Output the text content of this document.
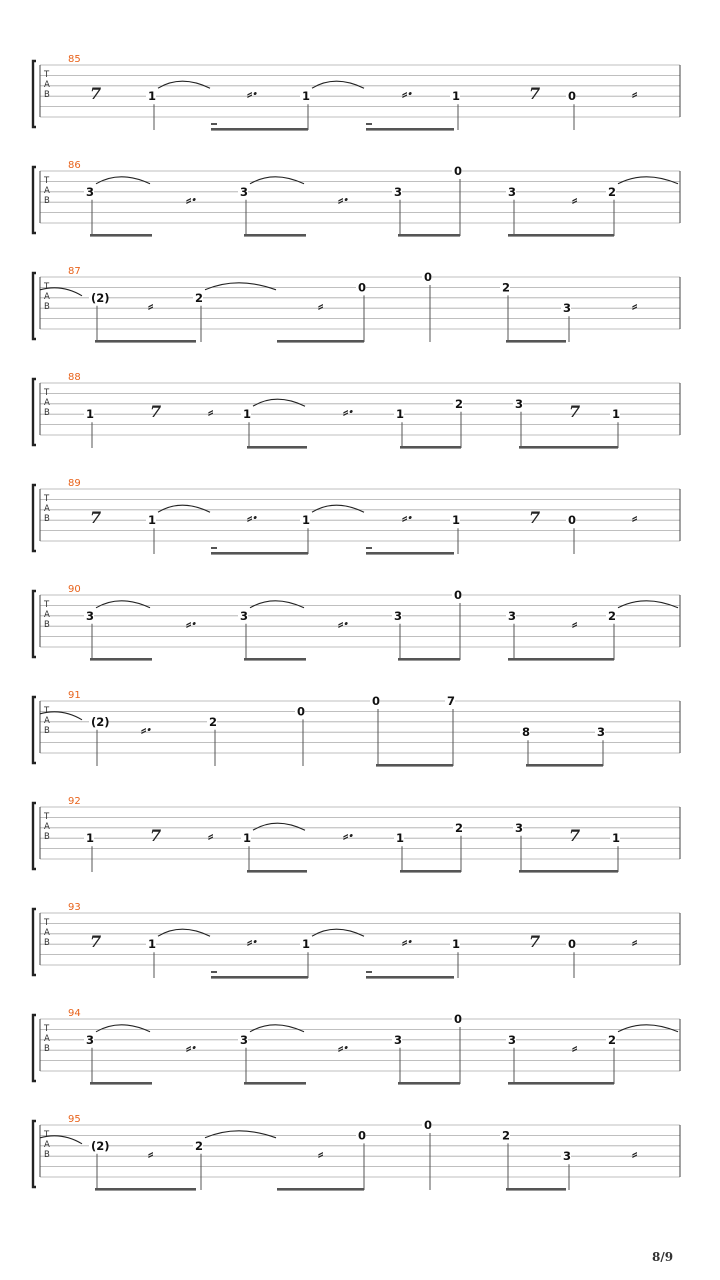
T
A
B
85
1	1	1	0
7	⸗·	⸗·	7	⸗
T
A
B
86
3	3	3
0
3	2
⸗·	⸗·	⸗
T
A
B
87
(2)	2
0
0
2
3
⸗	⸗	⸗
T
A
B
88
1	1	1
2	3
1
7	⸗	⸗·	7
T
A
B
89
1	1	1	0
7	⸗·	⸗·	7	⸗
T
A
B
90
3	3	3
0
3	2
⸗·	⸗·	⸗
T
A
B
91
(2)	2
0
0	7
8	3
⸗·
T
A
B
92
1	1	1
2	3
1
7	⸗	⸗·	7
T
A
B
93
1	1	1	0
7	⸗·	⸗·	7	⸗
T
A
B
94
3	3	3
0
3	2
⸗·	⸗·	⸗
T
A
B
95
(2)	2
0
0
2
3
⸗	⸗	⸗
8/9
